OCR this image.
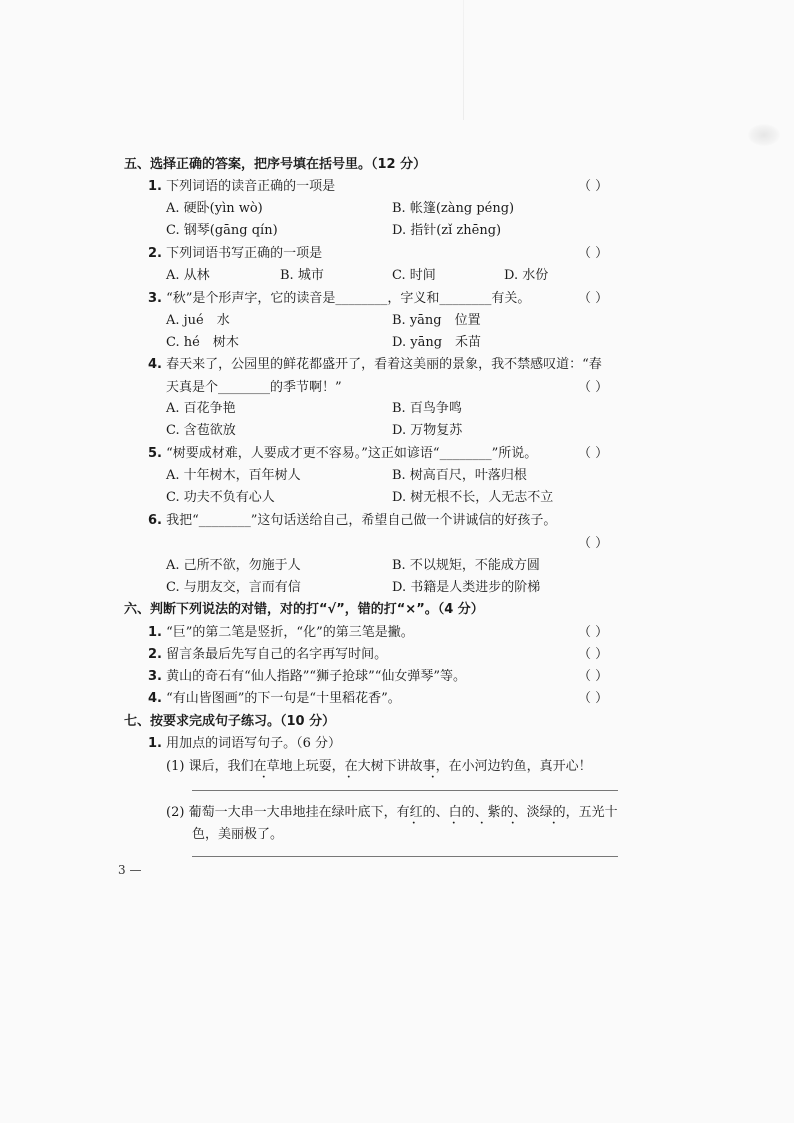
五、选择正确的答案，把序号填在括号里。（12 分）
1. 下列词语的读音正确的一项是	（ ）
A. 硬卧(yìn wò)	B. 帐篷(zàng péng)
C. 钢琴(gāng qín)	D. 指针(zǐ zhēng)
2. 下列词语书写正确的一项是	（ ）
A. 从林	B. 城市	C. 时间	D. 水份
3. “秋”是个形声字，它的读音是________，字义和________有关。	（ ）
A. jué　水	B. yāng　位置
C. hé　树木	D. yāng　禾苗
4. 春天来了，公园里的鲜花都盛开了，看着这美丽的景象，我不禁感叹道：“春
天真是个________的季节啊！”	（ ）
A. 百花争艳	B. 百鸟争鸣
C. 含苞欲放	D. 万物复苏
5. “树要成材难，人要成才更不容易。”这正如谚语“________”所说。	（ ）
A. 十年树木，百年树人	B. 树高百尺，叶落归根
C. 功夫不负有心人	D. 树无根不长，人无志不立
6. 我把“________”这句话送给自己，希望自己做一个讲诚信的好孩子。
（ ）
A. 己所不欲，勿施于人	B. 不以规矩，不能成方圆
C. 与朋友交，言而有信	D. 书籍是人类进步的阶梯
六、判断下列说法的对错，对的打“√”，错的打“×”。（4 分）
1. “巨”的第二笔是竖折，“化”的第三笔是撇。	（ ）
2. 留言条最后先写自己的名字再写时间。	（ ）
3. 黄山的奇石有“仙人指路”“狮子抢球”“仙女弹琴”等。	（ ）
4. “有山皆图画”的下一句是“十里稻花香”。	（ ）
七、按要求完成句子练习。（10 分）
1. 用加点的词语写句子。（6 分）
(1) 课后，我们在草地上玩耍，在大树下讲故事，在小河边钓鱼，真开心！
(2) 葡萄一大串一大串地挂在绿叶底下，有红的、白的、紫的、淡绿的，五光十
色，美丽极了。
·	·	·
·	· ·	·	·
3 —
